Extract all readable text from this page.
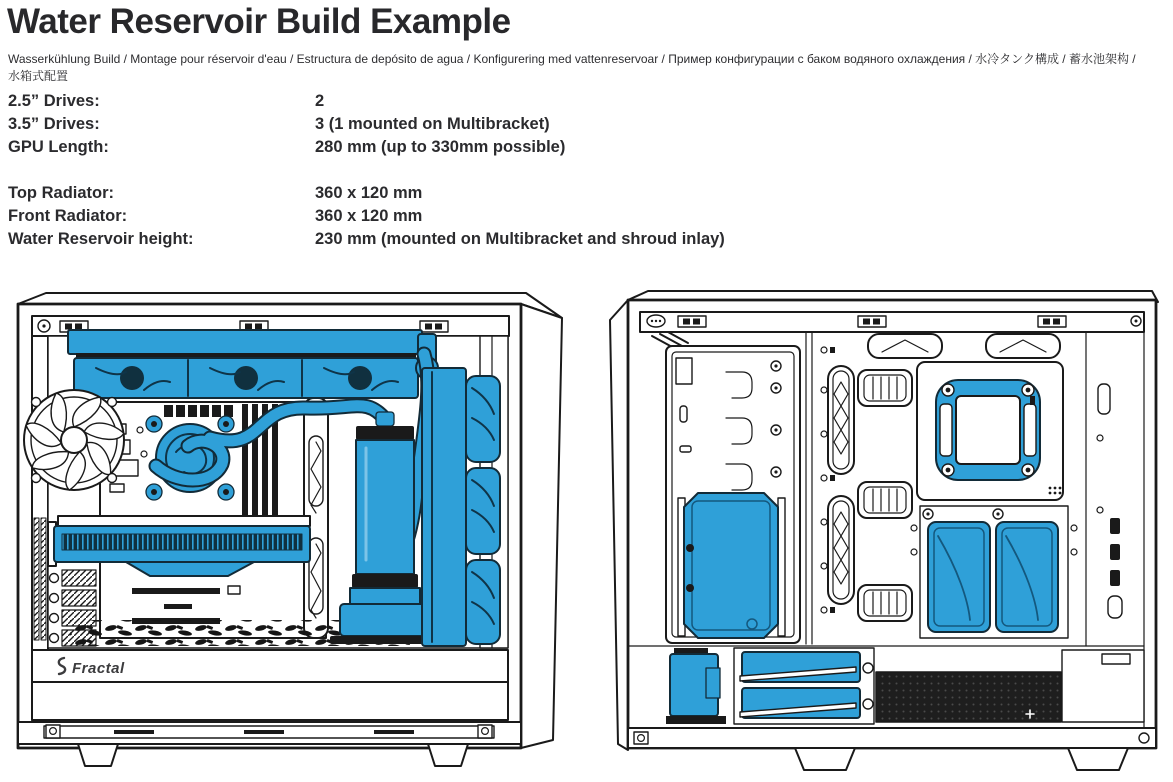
Water Reservoir Build Example
Wasserkühlung Build / Montage pour réservoir d'eau / Estructura de depósito de agua / Konfigurering med vattenreservoar / Пример конфигурации с баком водяного охлаждения / 水冷タンク構成 / 蓄水池架构 / 水箱式配置
2.5” Drives:	2
3.5” Drives:	3 (1 mounted on Multibracket)
GPU Length:	280 mm (up to 330mm possible)
Top Radiator:	360 x 120 mm
Front Radiator:	360 x 120 mm
Water Reservoir height:	230 mm (mounted on Multibracket and shroud inlay)
Fractal
